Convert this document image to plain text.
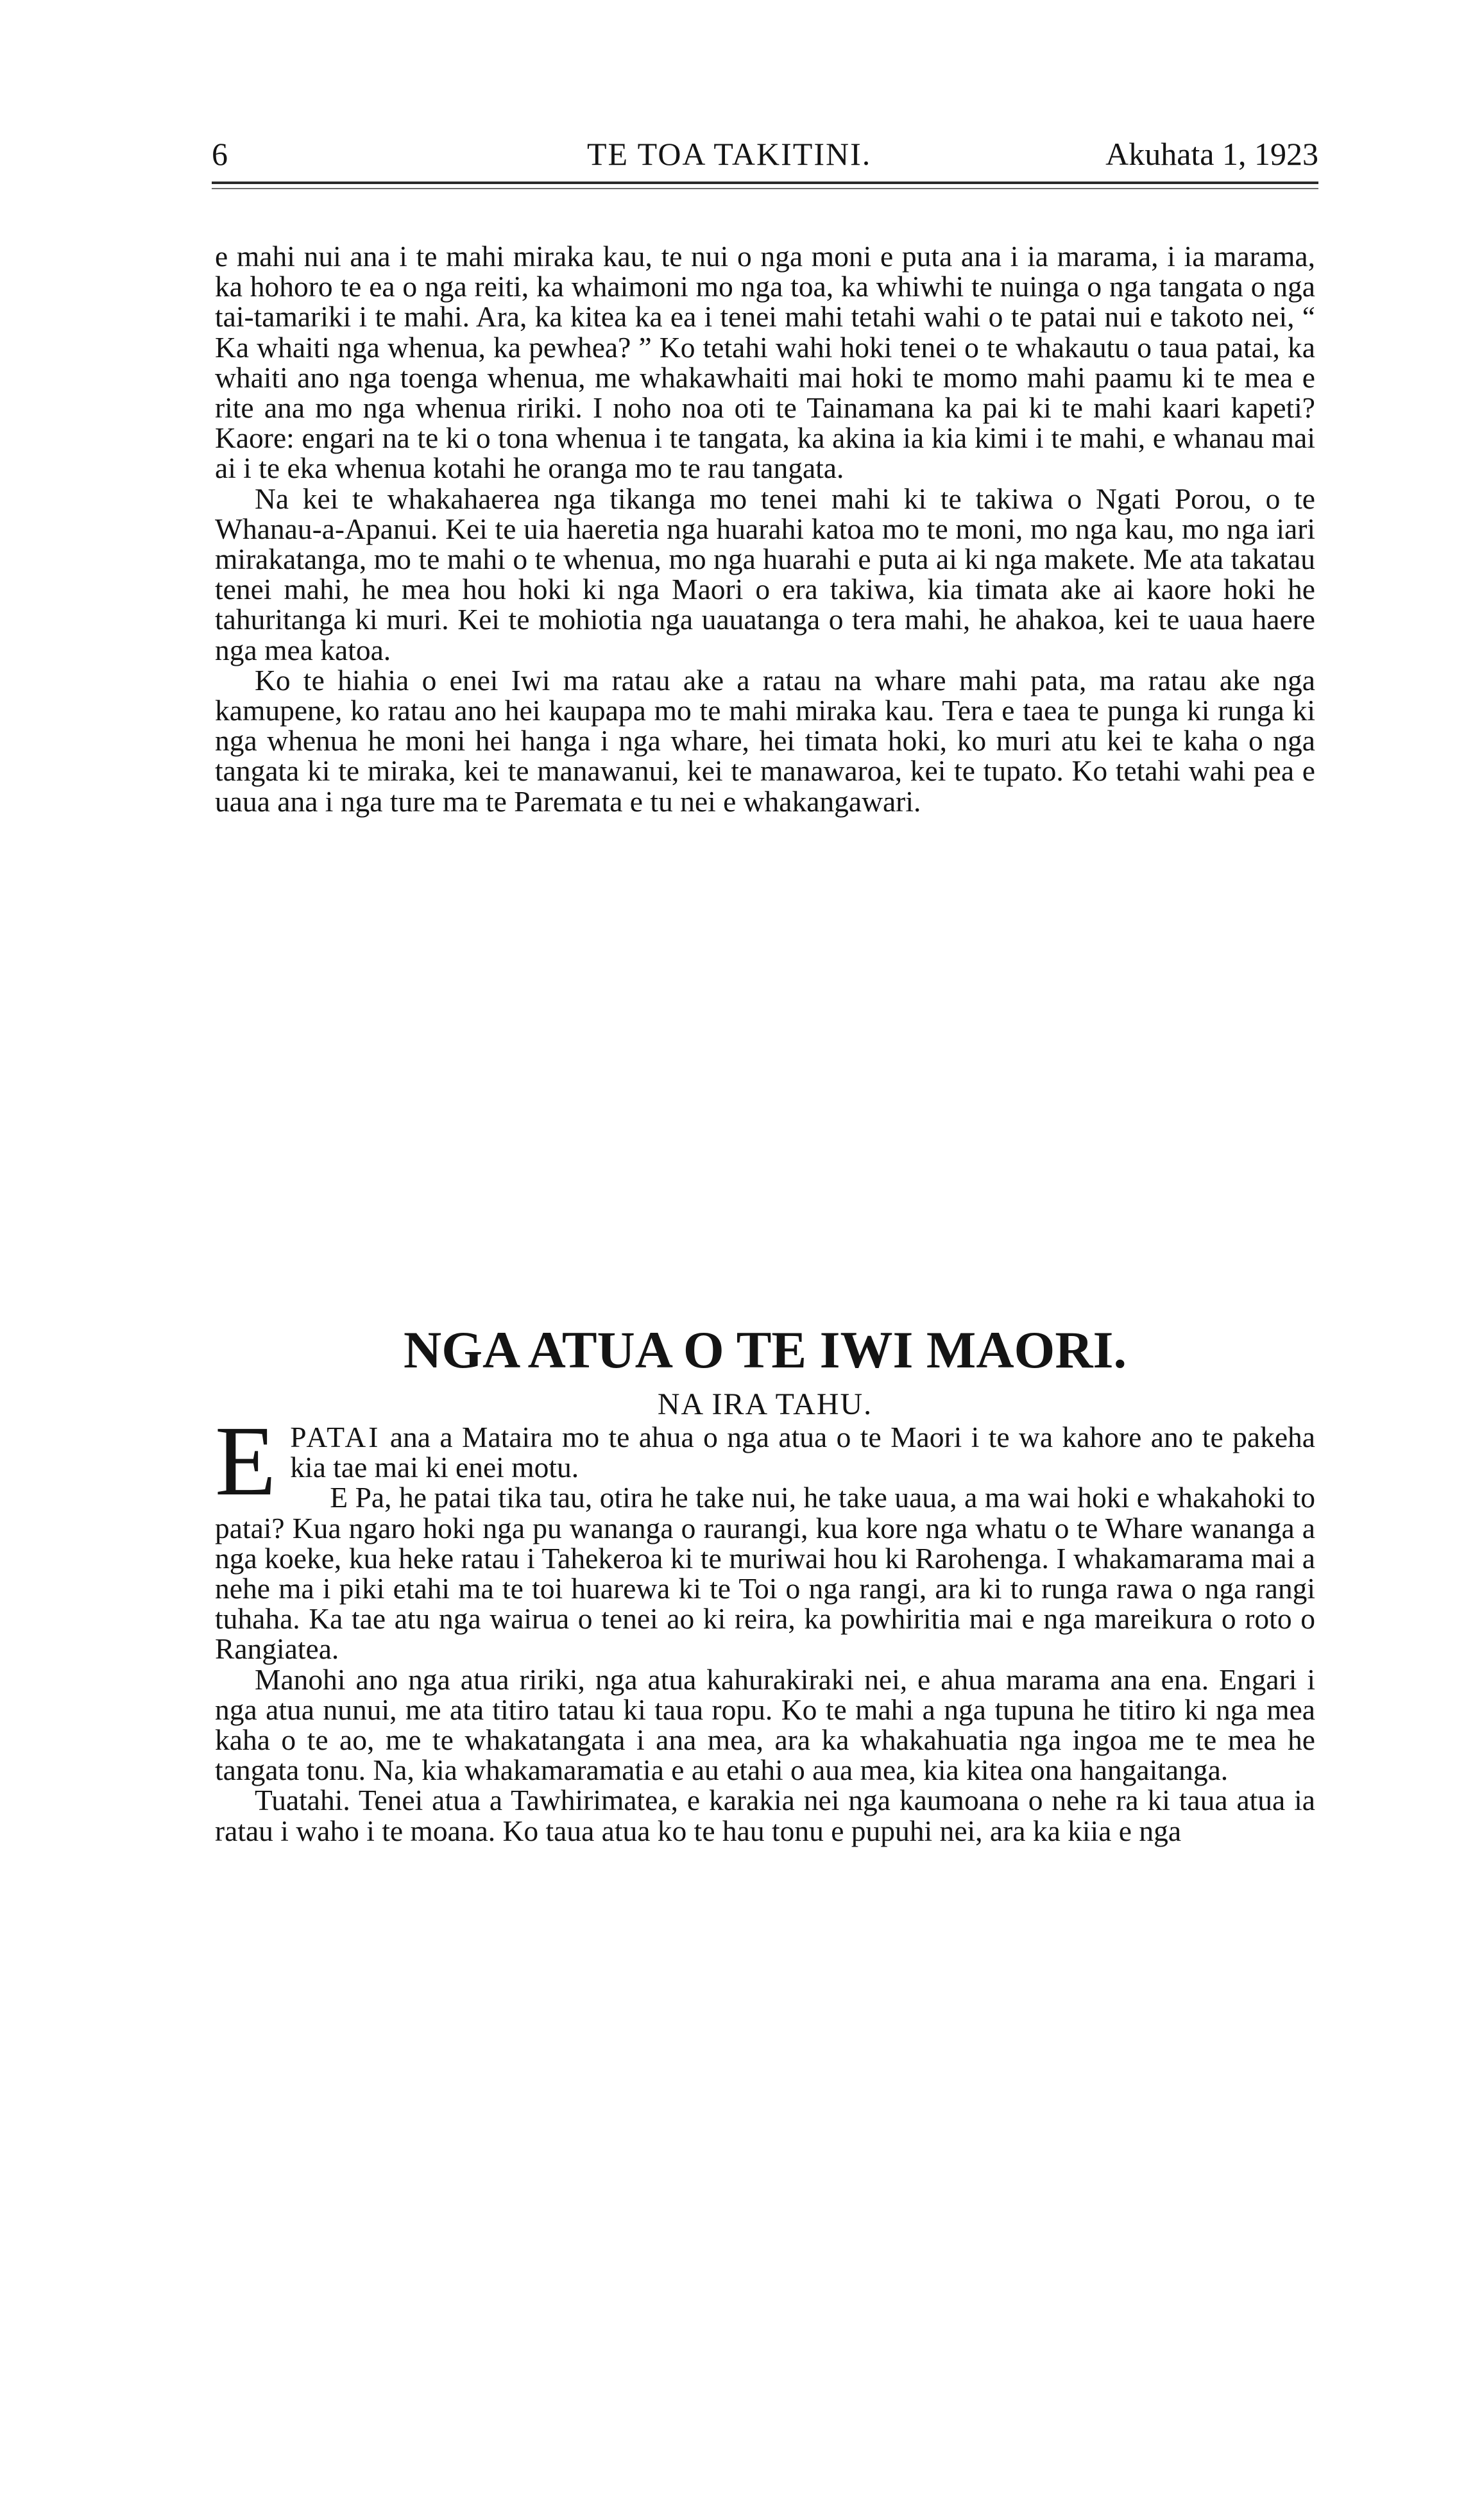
6	TE TOA TAKITINI.	Akuhata 1, 1923

e mahi nui ana i te mahi miraka kau, te nui o nga moni e puta ana i ia marama, i ia marama, ka hohoro te ea o nga reiti, ka whaimoni mo nga toa, ka whiwhi te nuinga o nga tangata o nga tai-tamariki i te mahi. Ara, ka kitea ka ea i tenei mahi tetahi wahi o te patai nui e takoto nei, “ Ka whaiti nga whenua, ka pewhea? ” Ko tetahi wahi hoki tenei o te whakautu o taua patai, ka whaiti ano nga toenga whenua, me whakawhaiti mai hoki te momo mahi paamu ki te mea e rite ana mo nga whenua ririki. I noho noa oti te Tainamana ka pai ki te mahi kaari kapeti? Kaore: engari na te ki o tona whenua i te tangata, ka akina ia kia kimi i te mahi, e whanau mai ai i te eka whenua kotahi he oranga mo te rau tangata.

Na kei te whakahaerea nga tikanga mo tenei mahi ki te takiwa o Ngati Porou, o te Whanau-a-Apanui. Kei te uia haeretia nga huarahi katoa mo te moni, mo nga kau, mo nga iari mirakatanga, mo te mahi o te whenua, mo nga huarahi e puta ai ki nga makete. Me ata takatau tenei mahi, he mea hou hoki ki nga Maori o era takiwa, kia timata ake ai kaore hoki he tahuritanga ki muri. Kei te mohiotia nga uauatanga o tera mahi, he ahakoa, kei te uaua haere nga mea katoa.

Ko te hiahia o enei Iwi ma ratau ake a ratau na whare mahi pata, ma ratau ake nga kamupene, ko ratau ano hei kaupapa mo te mahi miraka kau. Tera e taea te punga ki runga ki nga whenua he moni hei hanga i nga whare, hei timata hoki, ko muri atu kei te kaha o nga tangata ki te miraka, kei te manawanui, kei te manawaroa, kei te tupato. Ko tetahi wahi pea e uaua ana i nga ture ma te Paremata e tu nei e whakangawari.

NGA ATUA O TE IWI MAORI.
NA IRA TAHU.

EPATAI ana a Mataira mo te ahua o nga atua o te Maori i te wa kahore ano te pakeha kia tae mai ki enei motu.

E Pa, he patai tika tau, otira he take nui, he take uaua, a ma wai hoki e whakahoki to patai? Kua ngaro hoki nga pu wananga o raurangi, kua kore nga whatu o te Whare wananga a nga koeke, kua heke ratau i Tahekeroa ki te muriwai hou ki Rarohenga. I whakamarama mai a nehe ma i piki etahi ma te toi huarewa ki te Toi o nga rangi, ara ki to runga rawa o nga rangi tuhaha. Ka tae atu nga wairua o tenei ao ki reira, ka powhiritia mai e nga mareikura o roto o Rangiatea.

Manohi ano nga atua ririki, nga atua kahurakiraki nei, e ahua marama ana ena. Engari i nga atua nunui, me ata titiro tatau ki taua ropu. Ko te mahi a nga tupuna he titiro ki nga mea kaha o te ao, me te whakatangata i ana mea, ara ka whakahuatia nga ingoa me te mea he tangata tonu. Na, kia whakamaramatia e au etahi o aua mea, kia kitea ona hangaitanga.

Tuatahi. Tenei atua a Tawhirimatea, e karakia nei nga kaumoana o nehe ra ki taua atua ia ratau i waho i te moana. Ko taua atua ko te hau tonu e pupuhi nei, ara ka kiia e nga
